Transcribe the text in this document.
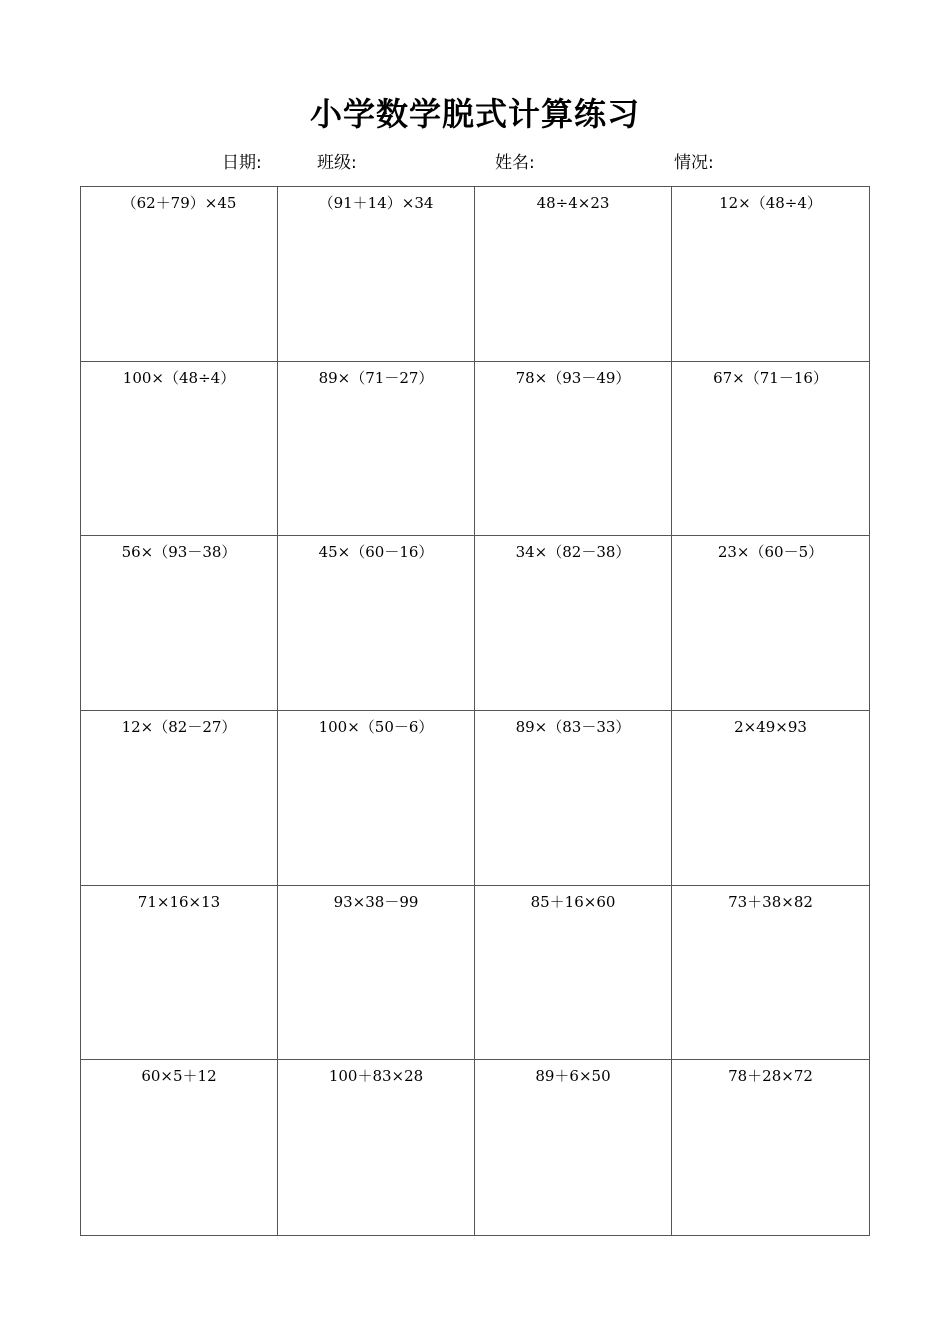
小学数学脱式计算练习
日期:	班级:	姓名:	情况:
（62＋79）×45	（91＋14）×34	48÷4×23	12×（48÷4）
100×（48÷4）	89×（71－27）	78×（93－49）	67×（71－16）
56×（93－38）	45×（60－16）	34×（82－38）	23×（60－5）
12×（82－27）	100×（50－6）	89×（83－33）	2×49×93
71×16×13	93×38－99	85＋16×60	73＋38×82
60×5＋12	100＋83×28	89＋6×50	78＋28×72
